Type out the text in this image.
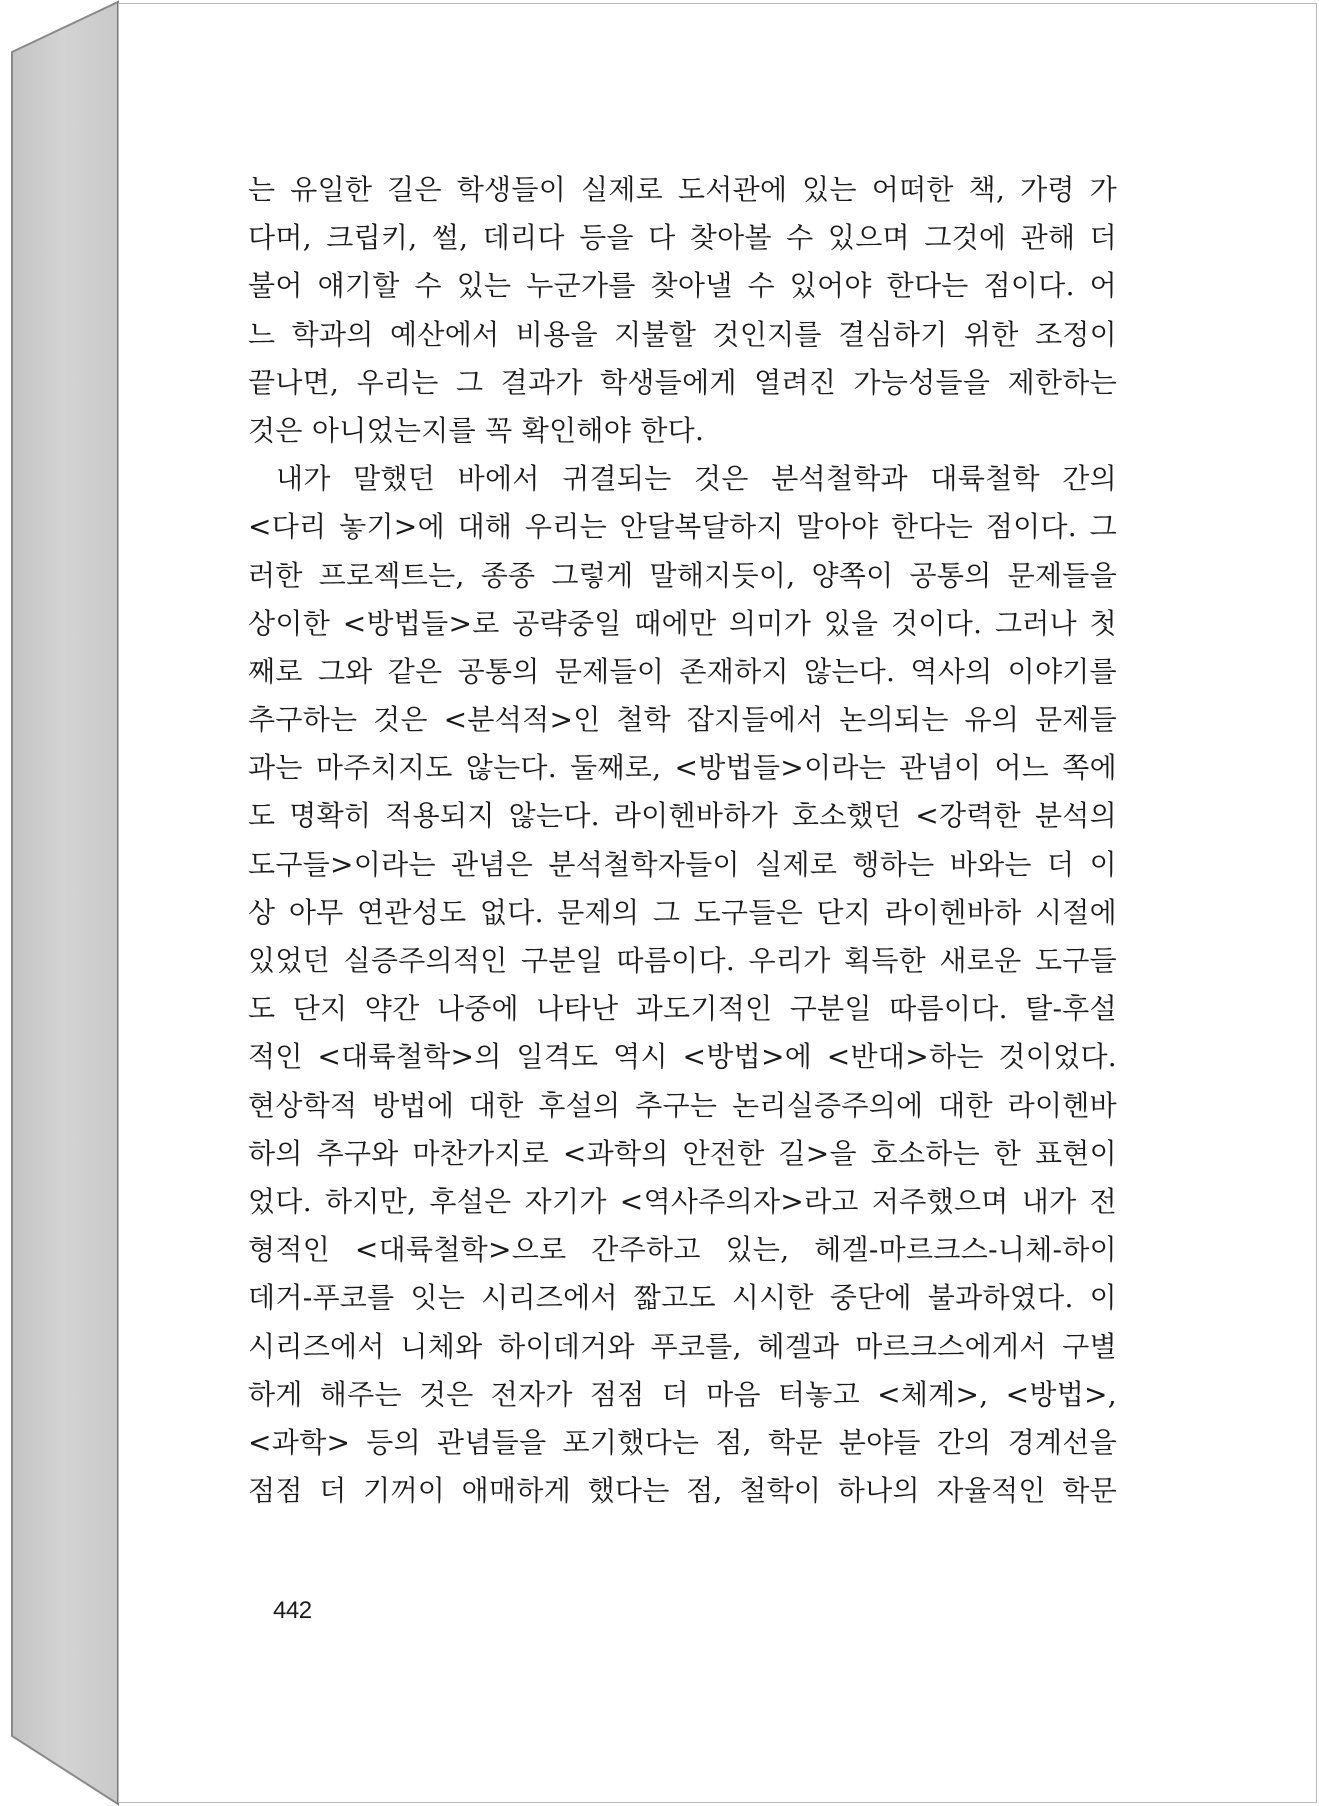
는 유일한 길은 학생들이 실제로 도서관에 있는 어떠한 책, 가령 가
다머, 크립키, 썰, 데리다 등을 다 찾아볼 수 있으며 그것에 관해 더
불어 얘기할 수 있는 누군가를 찾아낼 수 있어야 한다는 점이다. 어
느 학과의 예산에서 비용을 지불할 것인지를 결심하기 위한 조정이
끝나면, 우리는 그 결과가 학생들에게 열려진 가능성들을 제한하는
것은 아니었는지를 꼭 확인해야 한다.
내가 말했던 바에서 귀결되는 것은 분석철학과 대륙철학 간의
<다리 놓기>에 대해 우리는 안달복달하지 말아야 한다는 점이다. 그
러한 프로젝트는, 종종 그렇게 말해지듯이, 양쪽이 공통의 문제들을
상이한 <방법들>로 공략중일 때에만 의미가 있을 것이다. 그러나 첫
째로 그와 같은 공통의 문제들이 존재하지 않는다. 역사의 이야기를
추구하는 것은 <분석적>인 철학 잡지들에서 논의되는 유의 문제들
과는 마주치지도 않는다. 둘째로, <방법들>이라는 관념이 어느 쪽에
도 명확히 적용되지 않는다. 라이헨바하가 호소했던 <강력한 분석의
도구들>이라는 관념은 분석철학자들이 실제로 행하는 바와는 더 이
상 아무 연관성도 없다. 문제의 그 도구들은 단지 라이헨바하 시절에
있었던 실증주의적인 구분일 따름이다. 우리가 획득한 새로운 도구들
도 단지 약간 나중에 나타난 과도기적인 구분일 따름이다. 탈-후설
적인 <대륙철학>의 일격도 역시 <방법>에 <반대>하는 것이었다.
현상학적 방법에 대한 후설의 추구는 논리실증주의에 대한 라이헨바
하의 추구와 마찬가지로 <과학의 안전한 길>을 호소하는 한 표현이
었다. 하지만, 후설은 자기가 <역사주의자>라고 저주했으며 내가 전
형적인 <대륙철학>으로 간주하고 있는, 헤겔-마르크스-니체-하이
데거-푸코를 잇는 시리즈에서 짧고도 시시한 중단에 불과하였다. 이
시리즈에서 니체와 하이데거와 푸코를, 헤겔과 마르크스에게서 구별
하게 해주는 것은 전자가 점점 더 마음 터놓고 <체계>, <방법>,
<과학> 등의 관념들을 포기했다는 점, 학문 분야들 간의 경계선을
점점 더 기꺼이 애매하게 했다는 점, 철학이 하나의 자율적인 학문
442
